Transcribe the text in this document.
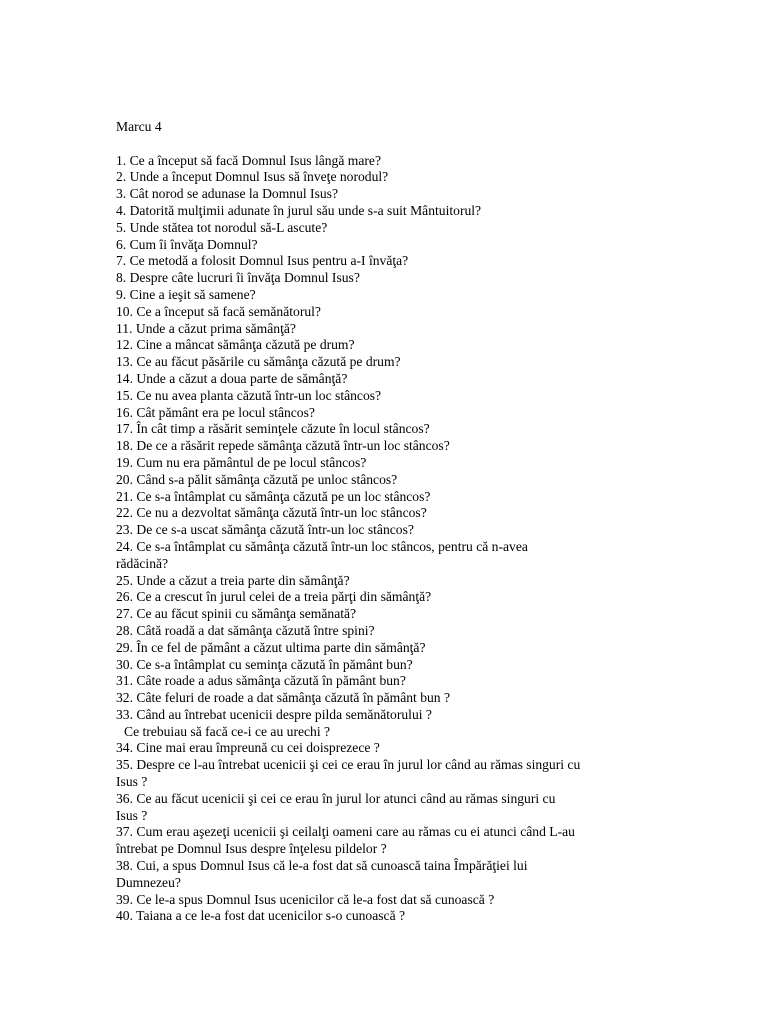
Marcu 4

1. Ce a început să facă Domnul Isus lângă mare?
2. Unde a început Domnul Isus să înveţe norodul?
3. Cât norod se adunase la Domnul Isus?
4. Datorită mulţimii adunate în jurul său unde s-a suit Mântuitorul?
5. Unde stătea tot norodul să-L ascute?
6. Cum îi învăţa Domnul?
7. Ce metodă a folosit Domnul Isus pentru a-I învăţa?
8. Despre câte lucruri îi învăţa Domnul Isus?
9. Cine a ieşit să samene?
10. Ce a început să facă semănătorul?
11. Unde a căzut prima sămânţă?
12. Cine a mâncat sămânţa căzută pe drum?
13. Ce au făcut păsările cu sămânţa căzută pe drum?
14. Unde a căzut a doua parte de sămânţă?
15. Ce nu avea planta căzută într-un loc stâncos?
16. Cât pământ era pe locul stâncos?
17. În cât timp a răsărit seminţele căzute în locul stâncos?
18. De ce a răsărit repede sămânţa căzută într-un loc stâncos?
19. Cum nu era pământul de pe locul stâncos?
20. Când s-a pălit sămânţa căzută pe unloc stâncos?
21. Ce s-a întâmplat cu sămânţa căzută pe un loc stâncos?
22. Ce nu a dezvoltat sămânţa căzută într-un loc stâncos?
23. De ce s-a uscat sămânţa căzută într-un loc stâncos?
24. Ce s-a întâmplat cu sămânţa căzută într-un loc stâncos, pentru că n-avea
rădăcină?
25. Unde a căzut a treia parte din sămânţă?
26. Ce a crescut în jurul celei de a treia părţi din sămânţă?
27. Ce au făcut spinii cu sămânţa semănată?
28. Câtă roadă a dat sămânţa căzută între spini?
29. În ce fel de pământ a căzut ultima parte din sămânţă?
30. Ce s-a întâmplat cu seminţa căzută în pământ bun?
31. Câte roade a adus sămânţa căzută în pământ bun?
32. Câte feluri de roade a dat sămânţa căzută în pământ bun ?
33. Când au întrebat ucenicii despre pilda semănătorului ?
Ce trebuiau să facă ce-i ce au urechi ?
34. Cine mai erau împreună cu cei doisprezece ?
35. Despre ce l-au întrebat ucenicii şi cei ce erau în jurul lor când au rămas singuri cu
Isus ?
36. Ce au făcut ucenicii şi cei ce erau în jurul lor atunci când au rămas singuri cu
Isus ?
37. Cum erau aşezeţi ucenicii şi ceilalţi oameni care au rămas cu ei atunci când L-au
întrebat pe Domnul Isus despre înţelesu pildelor ?
38. Cui, a spus Domnul Isus că le-a fost dat să cunoască taina Împărăţiei lui
Dumnezeu?
39. Ce le-a spus Domnul Isus ucenicilor că le-a fost dat să cunoască ?
40. Taiana a ce le-a fost dat ucenicilor s-o cunoască ?
